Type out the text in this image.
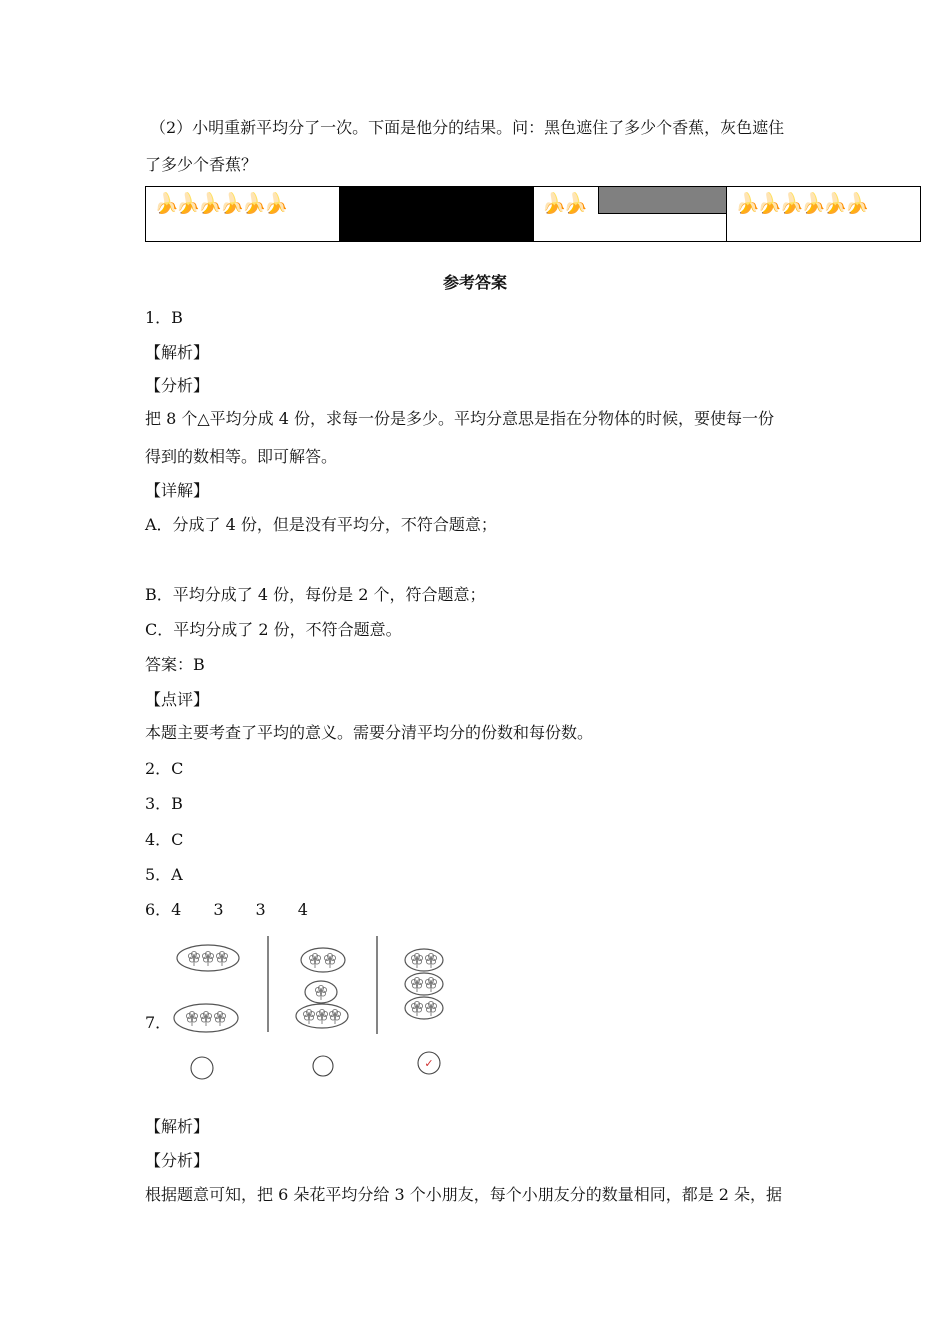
（2）小明重新平均分了一次。下面是他分的结果。问：黑色遮住了多少个香蕉，灰色遮住
了多少个香蕉？
🍌🍌🍌🍌🍌🍌		🍌🍌	🍌🍌🍌🍌🍌🍌
参考答案
1．B
【解析】
【分析】
把 8 个△平均分成 4 份，求每一份是多少。平均分意思是指在分物体的时候，要使每一份
得到的数相等。即可解答。
【详解】
A．分成了 4 份，但是没有平均分，不符合题意；
B．平均分成了 4 份，每份是 2 个，符合题意；
C．平均分成了 2 份，不符合题意。
答案：B
【点评】
本题主要考查了平均的意义。需要分清平均分的份数和每份数。
2．C
3．B
4．C
5．A
6．4　　3　　3　　4
7．
✓
【解析】
【分析】
根据题意可知，把 6 朵花平均分给 3 个小朋友，每个小朋友分的数量相同，都是 2 朵，据
